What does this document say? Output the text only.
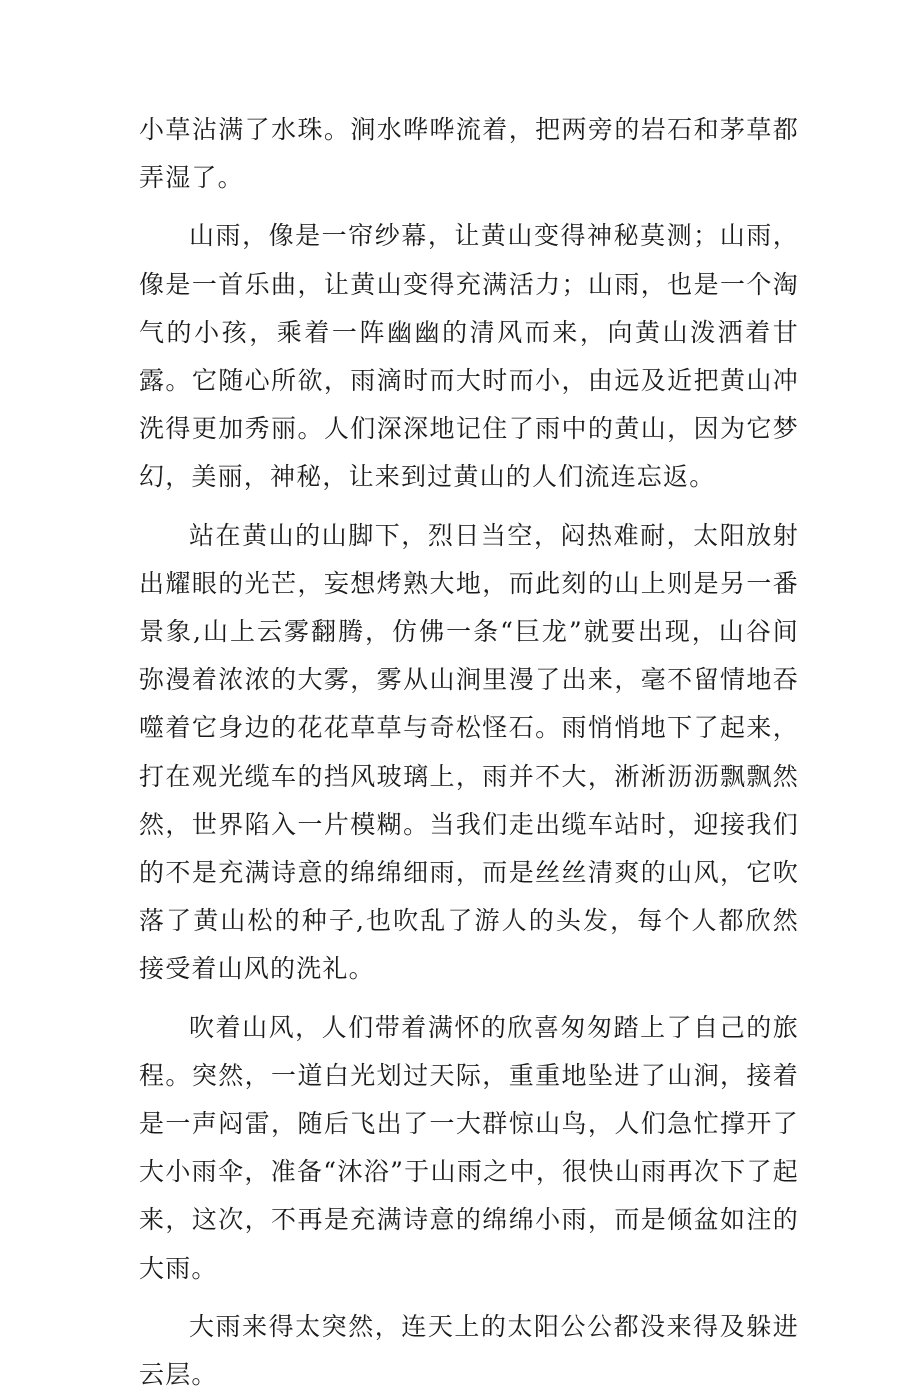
小草沾满了水珠。涧水哗哗流着，把两旁的岩石和茅草都弄湿了。

山雨，像是一帘纱幕，让黄山变得神秘莫测；山雨，像是一首乐曲，让黄山变得充满活力；山雨，也是一个淘气的小孩，乘着一阵幽幽的清风而来，向黄山泼洒着甘露。它随心所欲，雨滴时而大时而小，由远及近把黄山冲洗得更加秀丽。人们深深地记住了雨中的黄山，因为它梦幻，美丽，神秘，让来到过黄山的人们流连忘返。

站在黄山的山脚下，烈日当空，闷热难耐，太阳放射出耀眼的光芒，妄想烤熟大地，而此刻的山上则是另一番景象,山上云雾翻腾，仿佛一条“巨龙”就要出现，山谷间弥漫着浓浓的大雾，雾从山涧里漫了出来，毫不留情地吞噬着它身边的花花草草与奇松怪石。雨悄悄地下了起来，打在观光缆车的挡风玻璃上，雨并不大，淅淅沥沥飘飘然然，世界陷入一片模糊。当我们走出缆车站时，迎接我们的不是充满诗意的绵绵细雨，而是丝丝清爽的山风，它吹落了黄山松的种子,也吹乱了游人的头发，每个人都欣然接受着山风的洗礼。

吹着山风，人们带着满怀的欣喜匆匆踏上了自己的旅程。突然，一道白光划过天际，重重地坠进了山涧，接着是一声闷雷，随后飞出了一大群惊山鸟，人们急忙撑开了大小雨伞，准备“沐浴”于山雨之中，很快山雨再次下了起来，这次，不再是充满诗意的绵绵小雨，而是倾盆如注的大雨。

大雨来得太突然，连天上的太阳公公都没来得及躲进云层。
